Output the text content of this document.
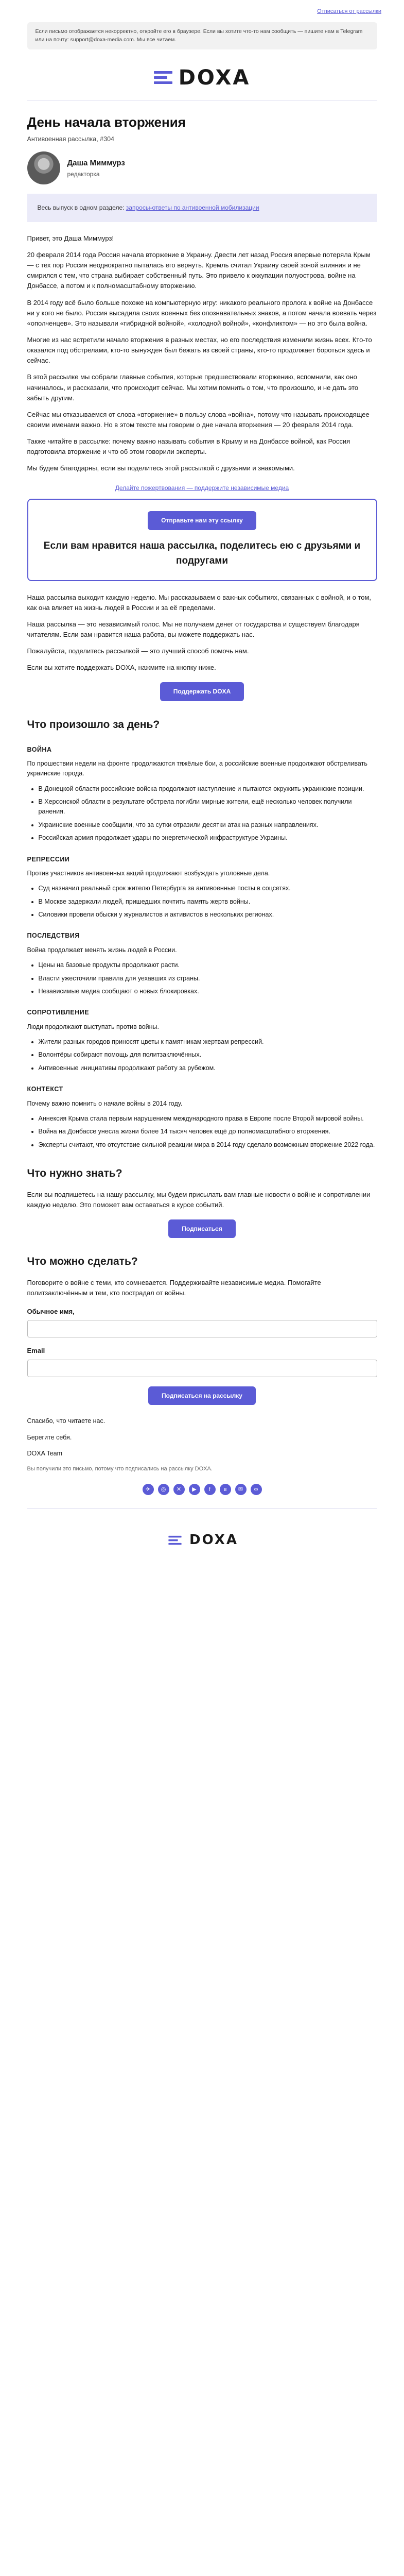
Отписаться от рассылки
Если письмо отображается некорректно, откройте его в браузере. Если вы хотите что-то нам сообщить — пишите нам в Telegram или на почту: support@doxa-media.com. Мы все читаем.
DOXA
День начала вторжения
Антивоенная рассылка, #304
Даша Миммурз
редакторка
Весь выпуск в одном разделе: запросы-ответы по антивоенной мобилизации

Привет, это Даша Миммурз!

20 февраля 2014 года Россия начала вторжение в Украину. Двести лет назад Россия впервые потеряла Крым — с тех пор Россия неоднократно пыталась его вернуть. Кремль считал Украину своей зоной влияния и не смирился с тем, что страна выбирает собственный путь. Это привело к оккупации полуострова, войне на Донбассе, а потом и к полномасштабному вторжению.

В 2014 году всё было больше похоже на компьютерную игру: никакого реального пролога к войне на Донбассе ни у кого не было. Россия высадила своих военных без опознавательных знаков, а потом начала воевать через «ополченцев». Это называли «гибридной войной», «холодной войной», «конфликтом» — но это была война.

Многие из нас встретили начало вторжения в разных местах, но его последствия изменили жизнь всех. Кто-то оказался под обстрелами, кто-то вынужден был бежать из своей страны, кто-то продолжает бороться здесь и сейчас.

В этой рассылке мы собрали главные события, которые предшествовали вторжению, вспомнили, как оно начиналось, и рассказали, что происходит сейчас. Мы хотим помнить о том, что произошло, и не дать это забыть другим.

Сейчас мы отказываемся от слова «вторжение» в пользу слова «война», потому что называть происходящее своими именами важно. Но в этом тексте мы говорим о дне начала вторжения — 20 февраля 2014 года.

Также читайте в рассылке: почему важно называть события в Крыму и на Донбассе войной, как Россия подготовила вторжение и что об этом говорили эксперты.

Мы будем благодарны, если вы поделитесь этой рассылкой с друзьями и знакомыми.

Делайте пожертвования — поддержите независимые медиа
Отправьте нам эту ссылку
Если вам нравится наша рассылка, поделитесь ею с друзьями и подругами

Наша рассылка выходит каждую неделю. Мы рассказываем о важных событиях, связанных с войной, и о том, как она влияет на жизнь людей в России и за её пределами.

Наша рассылка — это независимый голос. Мы не получаем денег от государства и существуем благодаря читателям. Если вам нравится наша работа, вы можете поддержать нас.

Пожалуйста, поделитесь рассылкой — это лучший способ помочь нам.

Если вы хотите поддержать DOXA, нажмите на кнопку ниже.

Поддержать DOXA
Что произошло за день?
ВОЙНА

По прошествии недели на фронте продолжаются тяжёлые бои, а российские военные продолжают обстреливать украинские города.

• В Донецкой области российские войска продолжают наступление и пытаются окружить украинские позиции.
• В Херсонской области в результате обстрела погибли мирные жители, ещё несколько человек получили ранения.
• Украинские военные сообщили, что за сутки отразили десятки атак на разных направлениях.
• Российская армия продолжает удары по энергетической инфраструктуре Украины.
РЕПРЕССИИ

Против участников антивоенных акций продолжают возбуждать уголовные дела.

• Суд назначил реальный срок жителю Петербурга за антивоенные посты в соцсетях.
• В Москве задержали людей, пришедших почтить память жертв войны.
• Силовики провели обыски у журналистов и активистов в нескольких регионах.
ПОСЛЕДСТВИЯ

Война продолжает менять жизнь людей в России.

• Цены на базовые продукты продолжают расти.
• Власти ужесточили правила для уехавших из страны.
• Независимые медиа сообщают о новых блокировках.
СОПРОТИВЛЕНИЕ

Люди продолжают выступать против войны.

• Жители разных городов приносят цветы к памятникам жертвам репрессий.
• Волонтёры собирают помощь для политзаключённых.
• Антивоенные инициативы продолжают работу за рубежом.
КОНТЕКСТ

Почему важно помнить о начале войны в 2014 году.

• Аннексия Крыма стала первым нарушением международного права в Европе после Второй мировой войны.
• Война на Донбассе унесла жизни более 14 тысяч человек ещё до полномасштабного вторжения.
• Эксперты считают, что отсутствие сильной реакции мира в 2014 году сделало возможным вторжение 2022 года.
Что нужно знать?

Если вы подпишетесь на нашу рассылку, мы будем присылать вам главные новости о войне и сопротивлении каждую неделю. Это поможет вам оставаться в курсе событий.

Подписаться
Что можно сделать?

Поговорите о войне с теми, кто сомневается. Поддерживайте независимые медиа. Помогайте политзаключённым и тем, кто пострадал от войны.

Обычное имя,
Email
Подписаться на рассылку

Спасибо, что читаете нас.

Берегите себя.

DOXA Team

Вы получили это письмо, потому что подписались на рассылку DOXA.

✈	◎	✕	▶	f	в	✉	∞
DOXA
